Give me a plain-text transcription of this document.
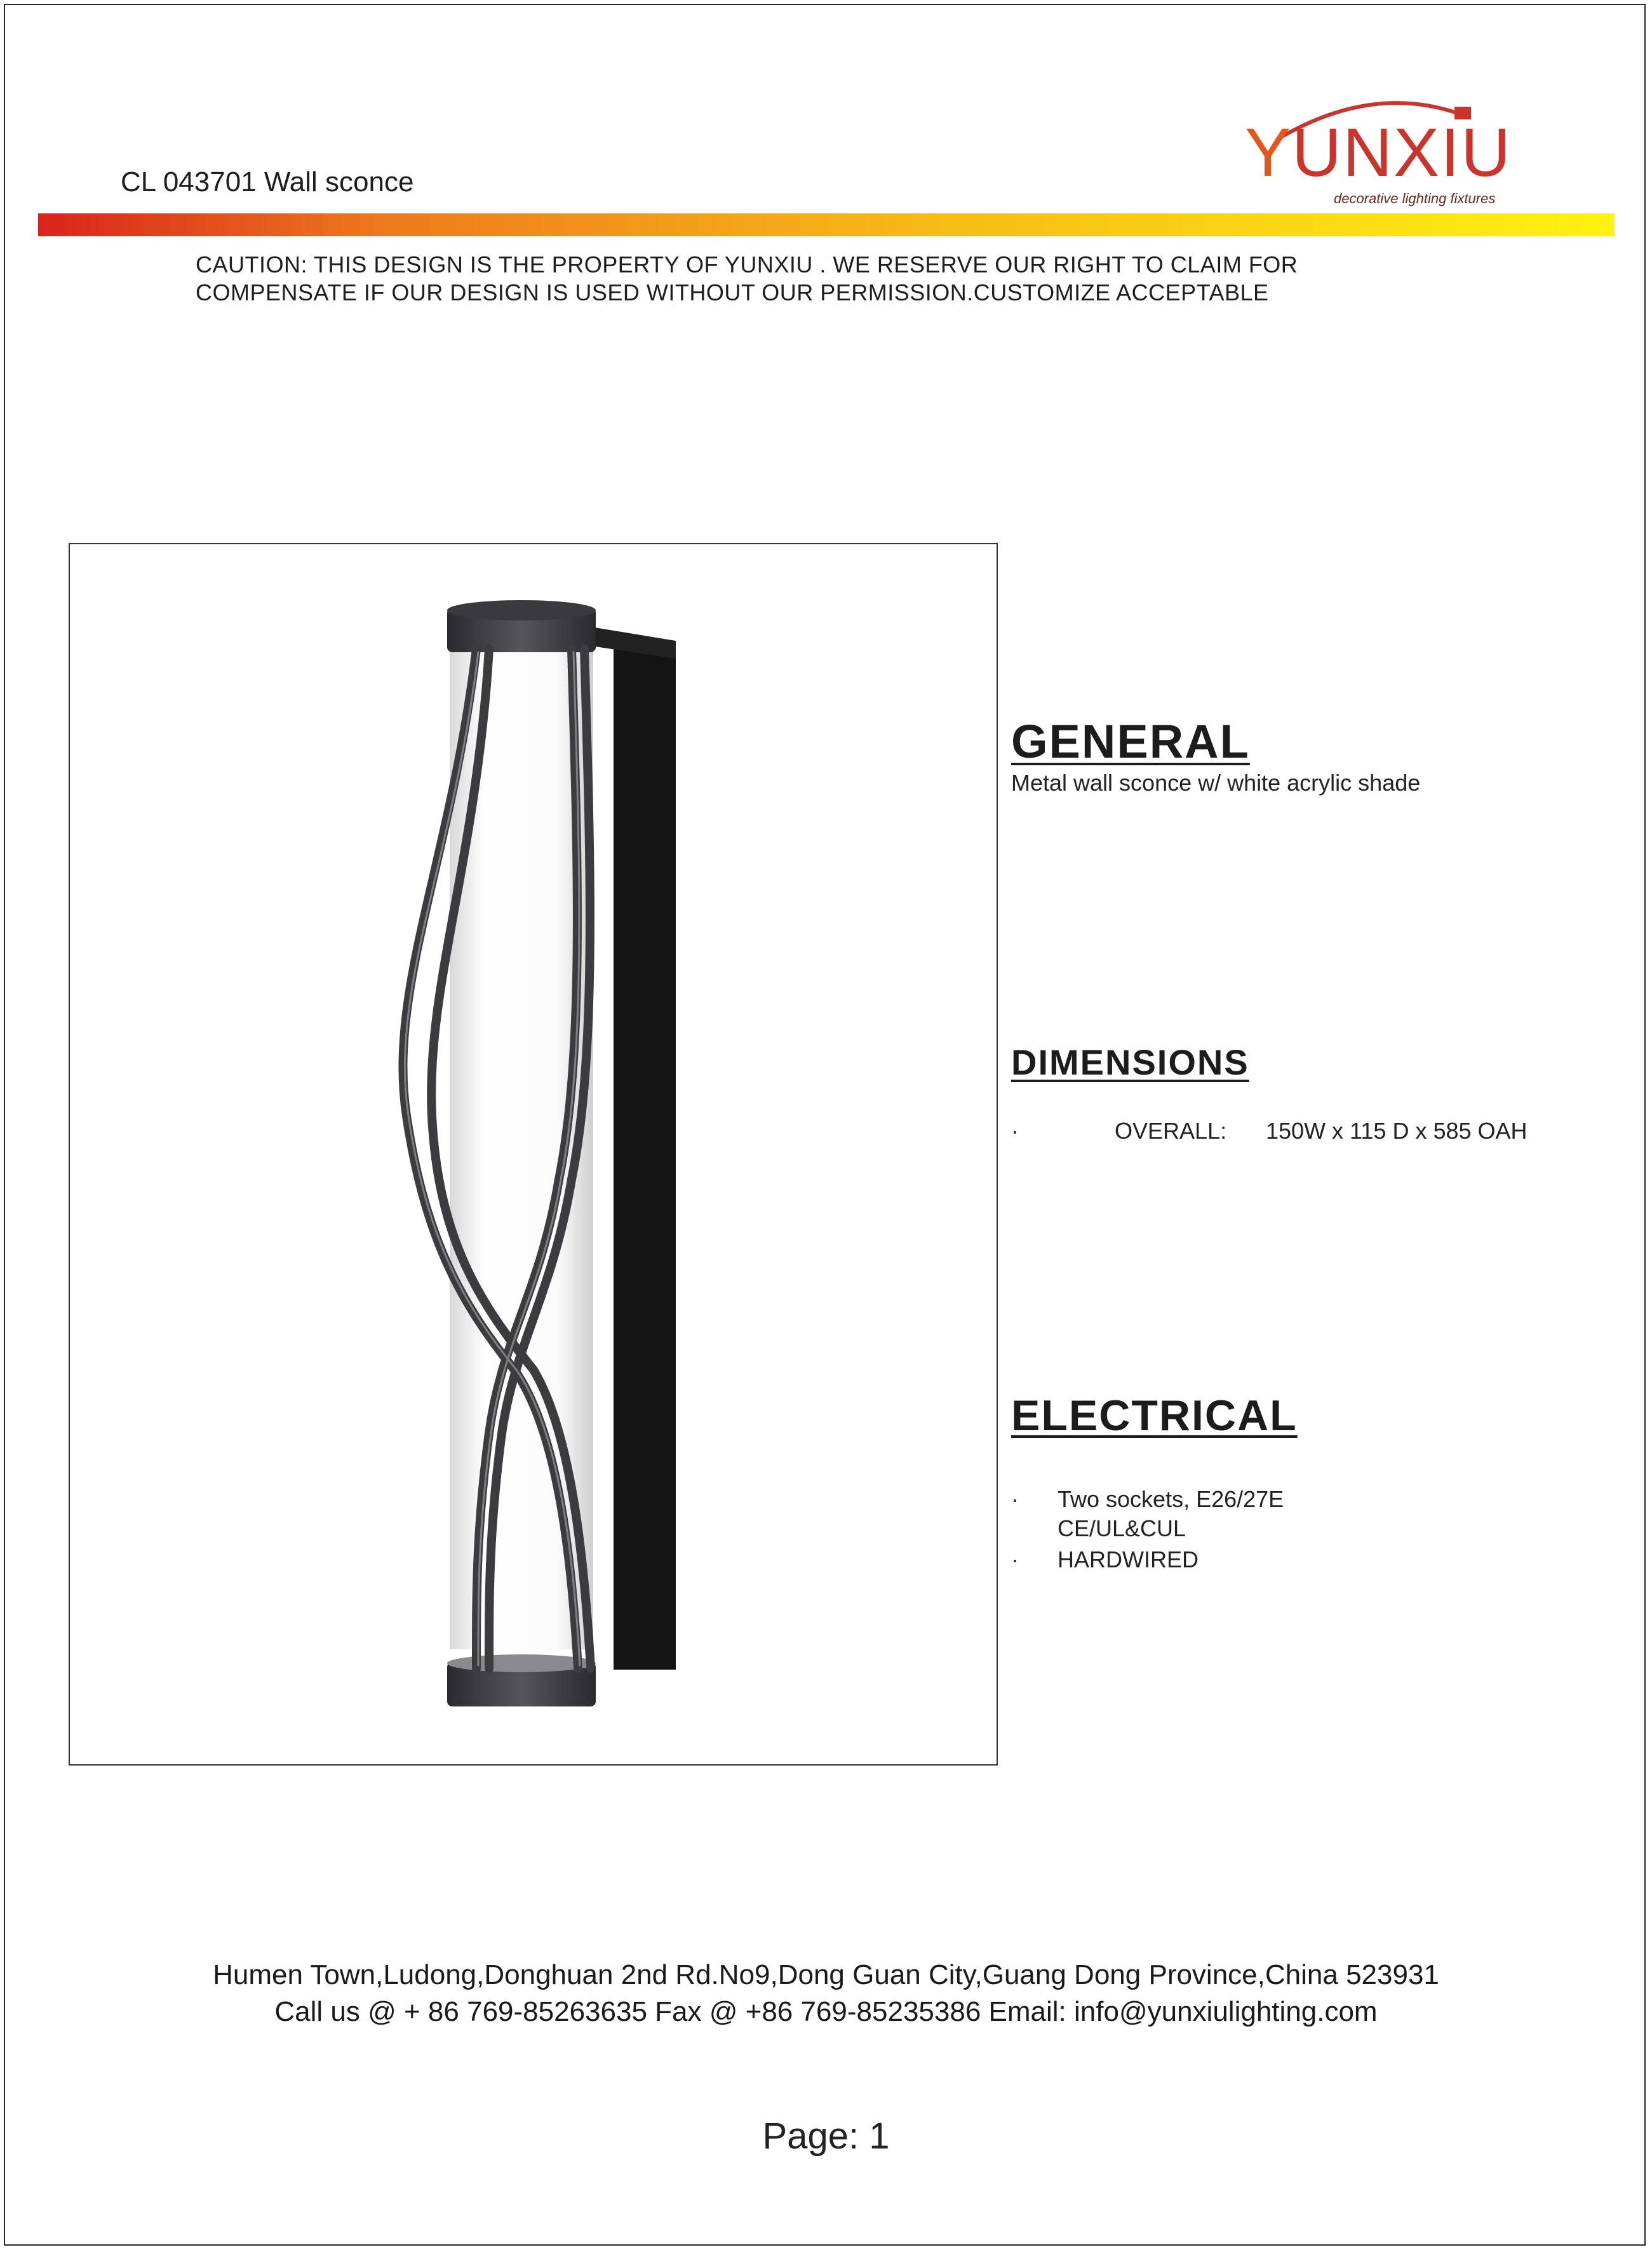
CL 043701 Wall sconce	YUNXIU
decorative lighting fixtures
CAUTION: THIS DESIGN IS THE PROPERTY OF YUNXIU . WE RESERVE OUR RIGHT TO CLAIM FOR
COMPENSATE IF OUR DESIGN IS USED WITHOUT OUR PERMISSION.CUSTOMIZE ACCEPTABLE
GENERAL
Metal wall sconce w/ white acrylic shade
DIMENSIONS
·	OVERALL: 150W x 115 D x 585 OAH
ELECTRICAL
· Two sockets, E26/27E
CE/UL&CUL
· HARDWIRED
Humen Town,Ludong,Donghuan 2nd Rd.No9,Dong Guan City,Guang Dong Province,China 523931
Call us @ + 86 769-85263635 Fax @ +86 769-85235386 Email: info@yunxiulighting.com
Page: 1
